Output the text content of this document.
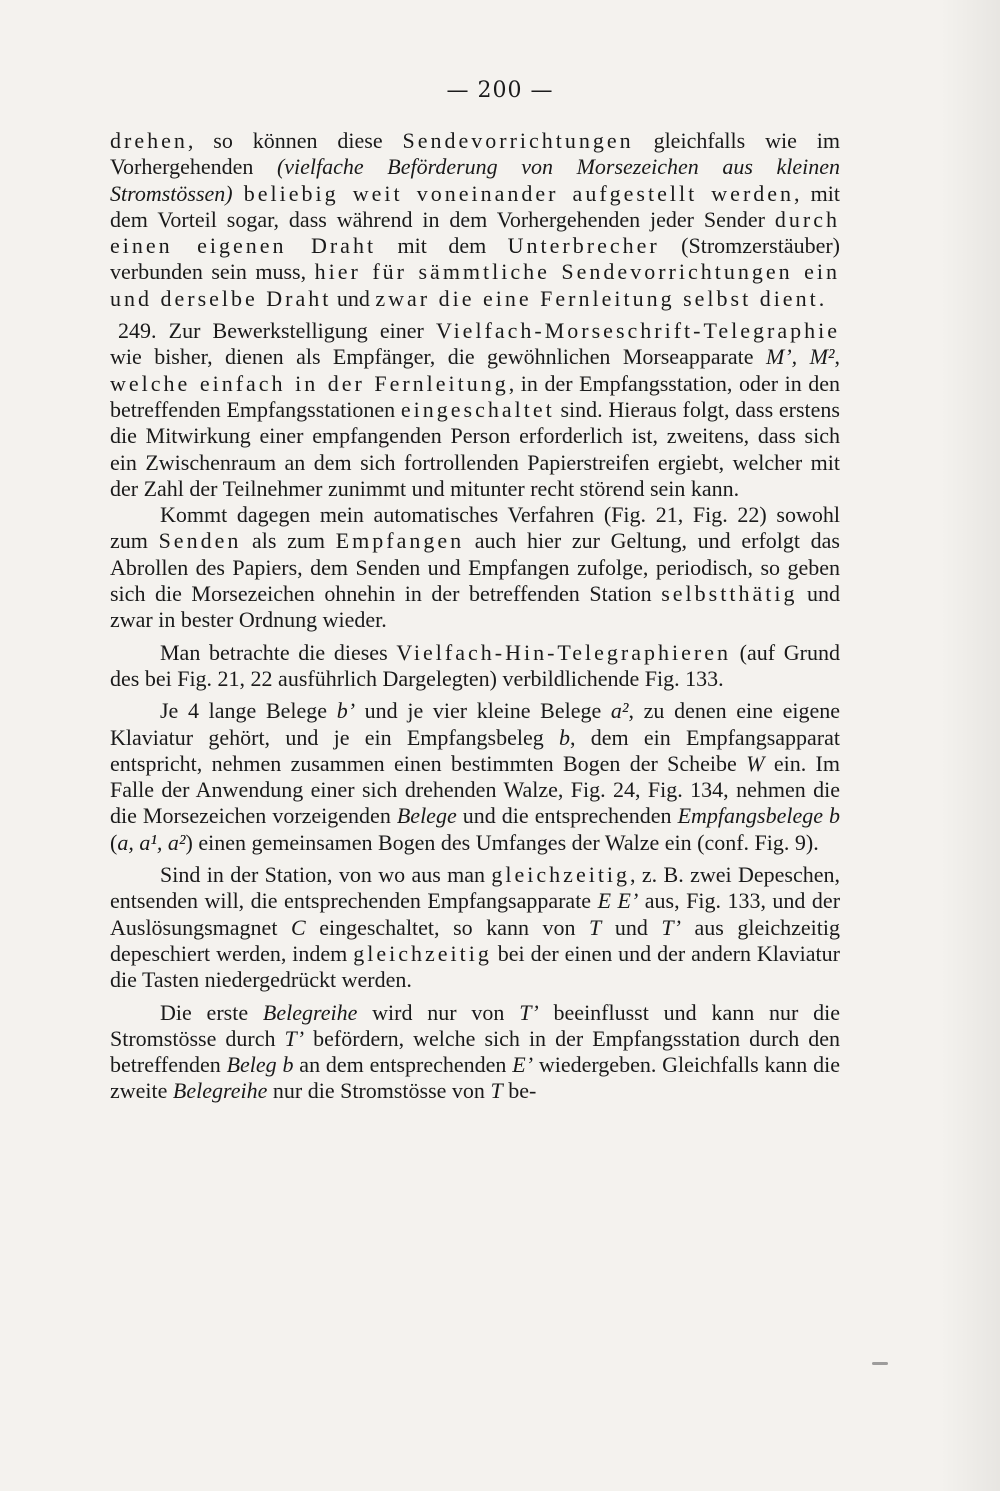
— 200 —

drehen, so können diese Sendevorrichtungen gleichfalls wie im Vorhergehenden (vielfache Beförderung von Morsezeichen aus kleinen Stromstössen) beliebig weit voneinander aufgestellt werden, mit dem Vorteil sogar, dass während in dem Vorhergehenden jeder Sender durch einen eigenen Draht mit dem Unterbrecher (Stromzerstäuber) verbunden sein muss, hier für sämmtliche Sendevorrichtungen ein und derselbe Draht und zwar die eine Fernleitung selbst dient.

249. Zur Bewerkstelligung einer Vielfach-Morseschrift-Telegraphie wie bisher, dienen als Empfänger, die gewöhnlichen Morseapparate M’, M², welche einfach in der Fernleitung, in der Empfangsstation, oder in den betreffenden Empfangsstationen eingeschaltet sind. Hieraus folgt, dass erstens die Mitwirkung einer empfangenden Person erforderlich ist, zweitens, dass sich ein Zwischenraum an dem sich fortrollenden Papierstreifen ergiebt, welcher mit der Zahl der Teilnehmer zunimmt und mitunter recht störend sein kann.

Kommt dagegen mein automatisches Verfahren (Fig. 21, Fig. 22) sowohl zum Senden als zum Empfangen auch hier zur Geltung, und erfolgt das Abrollen des Papiers, dem Senden und Empfangen zufolge, periodisch, so geben sich die Morsezeichen ohnehin in der betreffenden Station selbstthätig und zwar in bester Ordnung wieder.

Man betrachte die dieses Vielfach-Hin-Telegraphieren (auf Grund des bei Fig. 21, 22 ausführlich Dargelegten) verbildlichende Fig. 133.

Je 4 lange Belege b’ und je vier kleine Belege a², zu denen eine eigene Klaviatur gehört, und je ein Empfangsbeleg b, dem ein Empfangsapparat entspricht, nehmen zusammen einen bestimmten Bogen der Scheibe W ein. Im Falle der Anwendung einer sich drehenden Walze, Fig. 24, Fig. 134, nehmen die die Morsezeichen vorzeigenden Belege und die entsprechenden Empfangsbelege b (a, a¹, a²) einen gemeinsamen Bogen des Umfanges der Walze ein (conf. Fig. 9).

Sind in der Station, von wo aus man gleichzeitig, z. B. zwei Depeschen, entsenden will, die entsprechenden Empfangsapparate E E’ aus, Fig. 133, und der Auslösungsmagnet C eingeschaltet, so kann von T und T’ aus gleichzeitig depeschiert werden, indem gleichzeitig bei der einen und der andern Klaviatur die Tasten niedergedrückt werden.

Die erste Belegreihe wird nur von T’ beeinflusst und kann nur die Stromstösse durch T’ befördern, welche sich in der Empfangsstation durch den betreffenden Beleg b an dem entsprechenden E’ wiedergeben. Gleichfalls kann die zweite Belegreihe nur die Stromstösse von T be-
